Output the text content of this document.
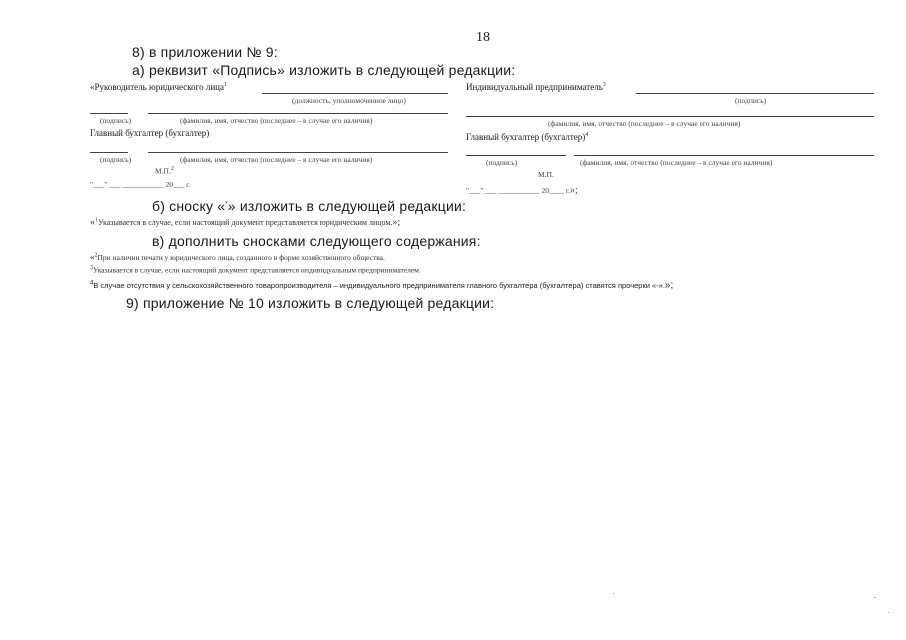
18
8) в приложении № 9:
а) реквизит «Подпись» изложить в следующей редакции:
«Руководитель юридического лица$^1$
(должность, уполномоченное лицо)
(подпись)	(фамилия, имя, отчество (последнее – в случае его наличия)
Главный бухгалтер (бухгалтер)
(подпись)	(фамилия, имя, отчество (последнее – в случае его наличия)
М.П.$^2$
"___" ___ ___________ 20___ г.
Индивидуальный предприниматель$^3$
(подпись)
(фамилия, имя, отчество (последнее – в случае его наличия)
Главный бухгалтер (бухгалтер)$^4$
(подпись)	(фамилия, имя, отчество (последнее – в случае его наличия)
М.П.
"___" ___ ___________ 20____ г.»;
б) сноску «*» изложить в следующей редакции:
«$^1$Указывается в случае, если настоящий документ представляется юридическим лицом.»;
в) дополнить сносками следующего содержания:
«$^2$При наличии печати у юридического лица, созданного в форме хозяйственного общества.
$^3$Указывается в случае, если настоящий документ представляется индивидуальным предпринимателем.
$^4$В случае отсутствия у сельскохозяйственного товаропроизводителя – индивидуального предпринимателя главного бухгалтера (бухгалтера) ставятся прочерки «-».»;
9) приложение № 10 изложить в следующей редакции:
